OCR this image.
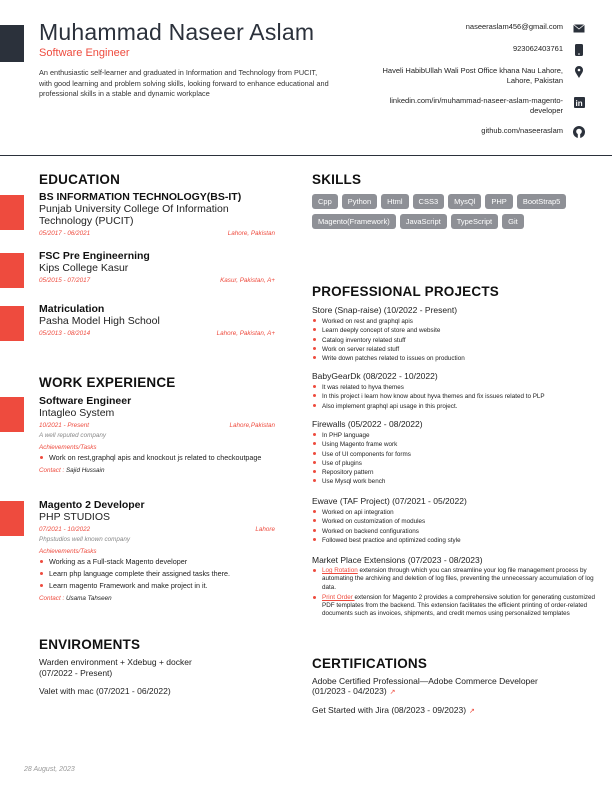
Muhammad Naseer Aslam
Software Engineer
An enthusiastic self-learner and graduated in Information and Technology from PUCIT, with good learning and problem solving skills, looking forward to enhance educational and professional skills in a stable and dynamic workplace
naseeraslam456@gmail.com
923062403761
Haveli HabibUllah Wali Post Office khana Nau Lahore, Lahore, Pakistan
linkedin.com/in/muhammad-naseer-aslam-magento-developer
in
github.com/naseeraslam
EDUCATION
BS INFORMATION TECHNOLOGY(BS-IT)
Punjab University College Of Information Technology (PUCIT)
05/2017 - 06/2021	Lahore, Pakistan
FSC Pre Engineerning
Kips College Kasur
05/2015 - 07/2017	Kasur, Pakistan, A+
Matriculation
Pasha Model High School
05/2013 - 08/2014	Lahore, Pakistan, A+
WORK EXPERIENCE
Software Engineer
Intagleo System
10/2021 - Present	Lahore,Pakistan
A well reputed company
Achievements/Tasks
Work on rest,graphql apis and knockout js related to checkoutpage
Contact : Sajid Hussain
Magento 2 Developer
PHP STUDIOS
07/2021 - 10/2022	Lahore
Phpstudios well known company
Achievements/Tasks
Working as a Full-stack Magento developer
Learn php language complete their assigned tasks there.
Learn magento Framework and make project in it.
Contact : Usama Tahseen
ENVIROMENTS
Warden environment + Xdebug + docker (07/2022 - Present)
Valet with mac (07/2021 - 06/2022)
SKILLS
Cpp	Python	Html	CSS3	MysQl	PHP	BootStrap5
Magento(Framework)	JavaScript	TypeScript	Git
PROFESSIONAL PROJECTS
Store (Snap-raise) (10/2022 - Present)
Worked on rest and graphql apis
Learn deeply concept of store and website
Catalog inventory related stuff
Work on server related stuff
Write down patches related to issues on production
BabyGearDk (08/2022 - 10/2022)
It was related to hyva themes
In this project i learn how know about hyva themes and fix issues related to PLP
Also implement graphql api usage in this project.
Firewalls (05/2022 - 08/2022)
In PHP language
Using Magento frame work
Use of UI components for forms
Use of plugins
Repository pattern
Use Mysql work bench
Ewave (TAF Project) (07/2021 - 05/2022)
Worked on api integration
Worked on customization of modules
Worked on backend configurations
Followed best practice and optimized coding style
Market Place Extensions (07/2023 - 08/2023)
Log Rotation extension through which you can streamline your log file management process by automating the archiving and deletion of log files, preventing the unnecessary accumulation of log data.
Print Order extension for Magento 2 provides a comprehensive solution for generating customized PDF templates from the backend. This extension facilitates the efficient printing of order-related documents such as invoices, shipments, and credit memos using personalized templates
CERTIFICATIONS
Adobe Certified Professional—Adobe Commerce Developer (01/2023 - 04/2023) ↗
Get Started with Jira (08/2023 - 09/2023) ↗
28 August, 2023
